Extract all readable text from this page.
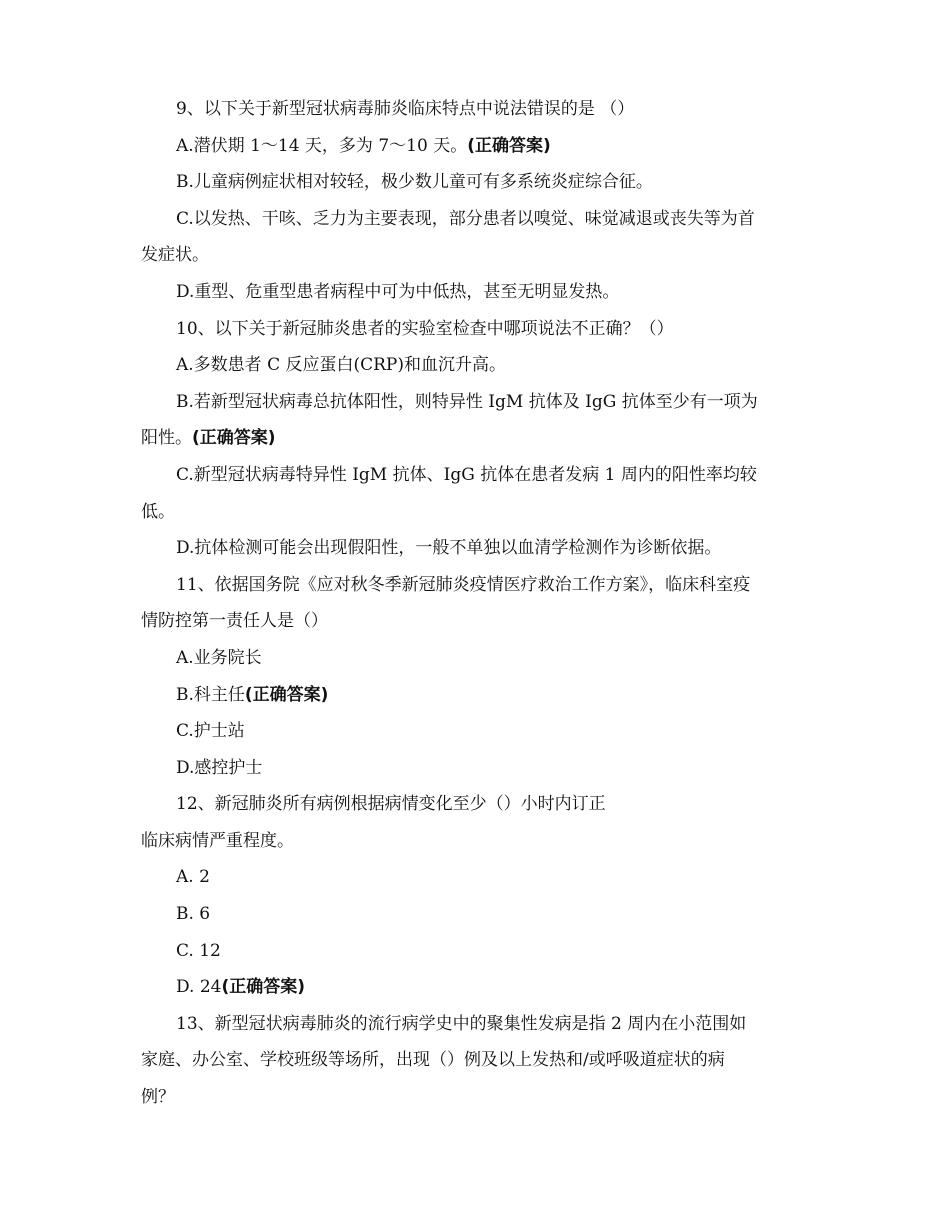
9、以下关于新型冠状病毒肺炎临床特点中说法错误的是 （）
A.潜伏期 1～14 天，多为 7～10 天。(正确答案)
B.儿童病例症状相对较轻，极少数儿童可有多系统炎症综合征。
C.以发热、干咳、乏力为主要表现，部分患者以嗅觉、味觉减退或丧失等为首
发症状。
D.重型、危重型患者病程中可为中低热，甚至无明显发热。
10、以下关于新冠肺炎患者的实验室检查中哪项说法不正确？（）
A.多数患者 C 反应蛋白(CRP)和血沉升高。
B.若新型冠状病毒总抗体阳性，则特异性 IgM 抗体及 IgG 抗体至少有一项为
阳性。(正确答案)
C.新型冠状病毒特异性 IgM 抗体、IgG 抗体在患者发病 1 周内的阳性率均较
低。
D.抗体检测可能会出现假阳性，一般不单独以血清学检测作为诊断依据。
11、依据国务院《应对秋冬季新冠肺炎疫情医疗救治工作方案》，临床科室疫
情防控第一责任人是（）
A.业务院长
B.科主任(正确答案)
C.护士站
D.感控护士
12、新冠肺炎所有病例根据病情变化至少（）小时内订正
临床病情严重程度。
A. 2
B. 6
C. 12
D. 24(正确答案)
13、新型冠状病毒肺炎的流行病学史中的聚集性发病是指 2 周内在小范围如
家庭、办公室、学校班级等场所，出现（）例及以上发热和/或呼吸道症状的病
例？
